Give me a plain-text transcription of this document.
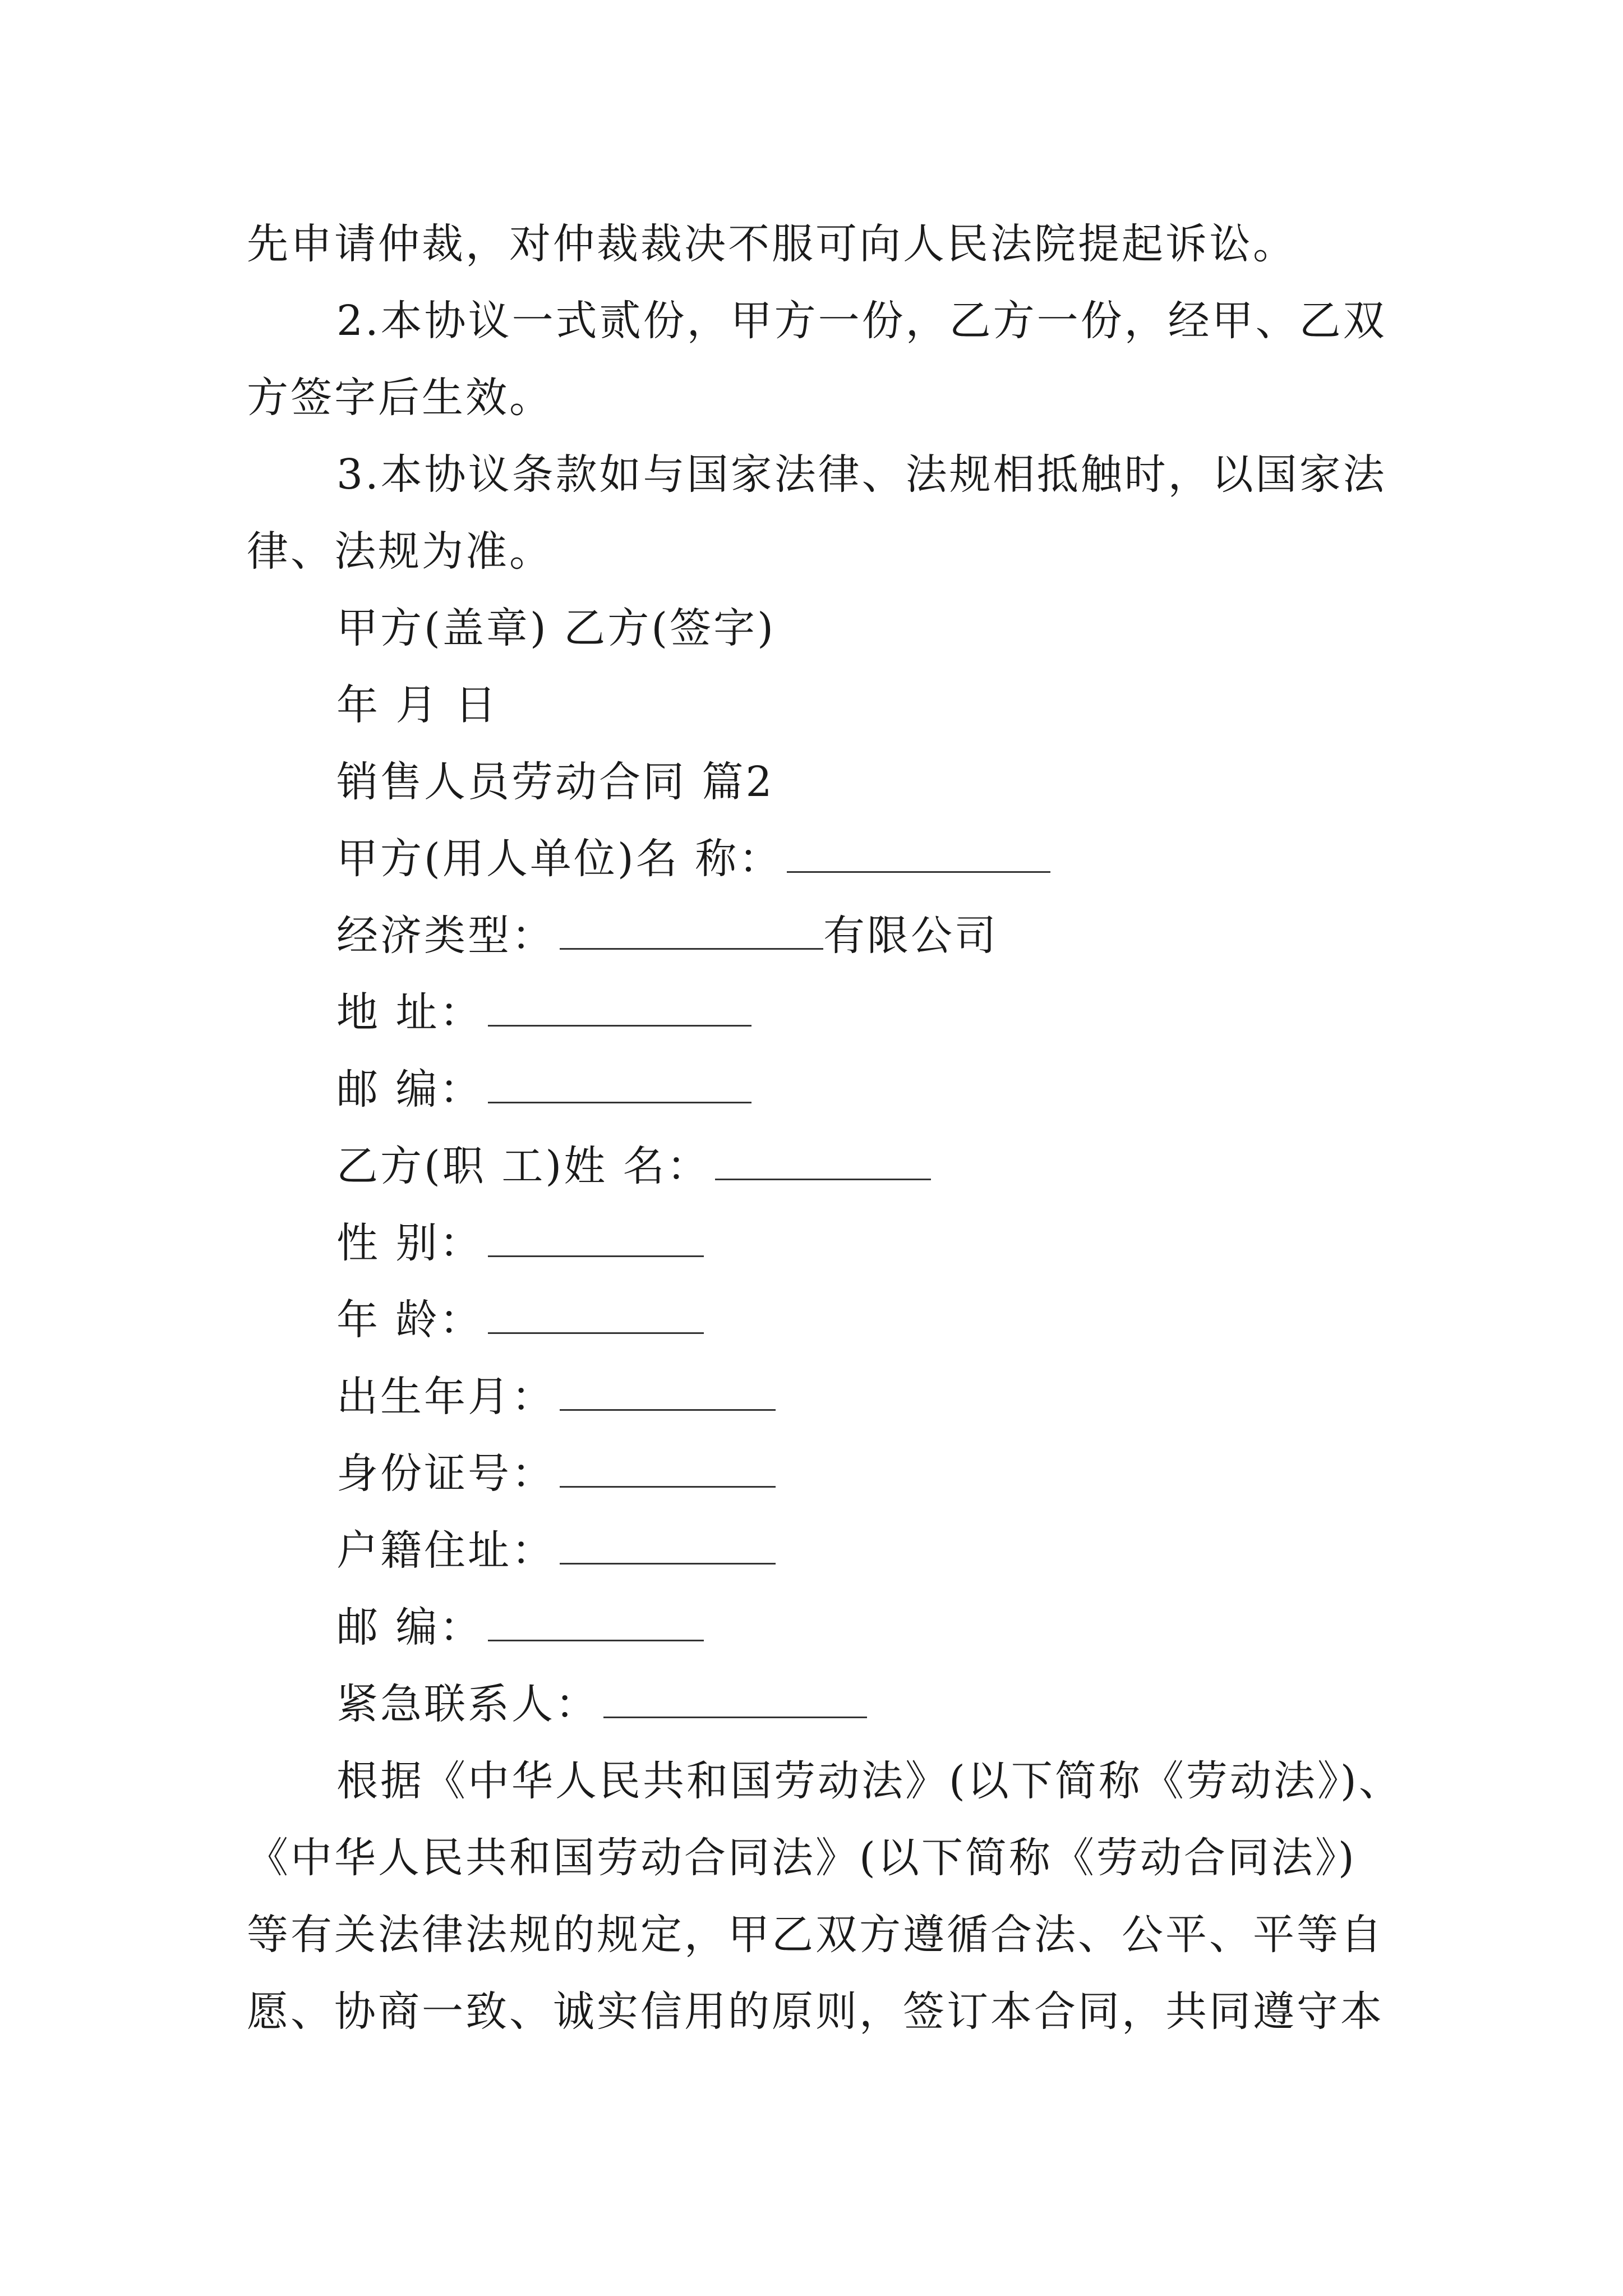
先申请仲裁，对仲裁裁决不服可向人民法院提起诉讼。
2.本协议一式贰份，甲方一份，乙方一份，经甲、乙双
方签字后生效。
3.本协议条款如与国家法律、法规相抵触时，以国家法
律、法规为准。
甲方(盖章) 乙方(签字)
年 月 日
销售人员劳动合同 篇2
甲方(用人单位)名 称：
经济类型：	有限公司
地 址：
邮 编：
乙方(职 工)姓 名：
性 别：
年 龄：
出生年月：
身份证号：
户籍住址：
邮 编：
紧急联系人：
根据《中华人民共和国劳动法》(以下简称《劳动法》)、
《中华人民共和国劳动合同法》(以下简称《劳动合同法》)
等有关法律法规的规定，甲乙双方遵循合法、公平、平等自
愿、协商一致、诚实信用的原则，签订本合同，共同遵守本
